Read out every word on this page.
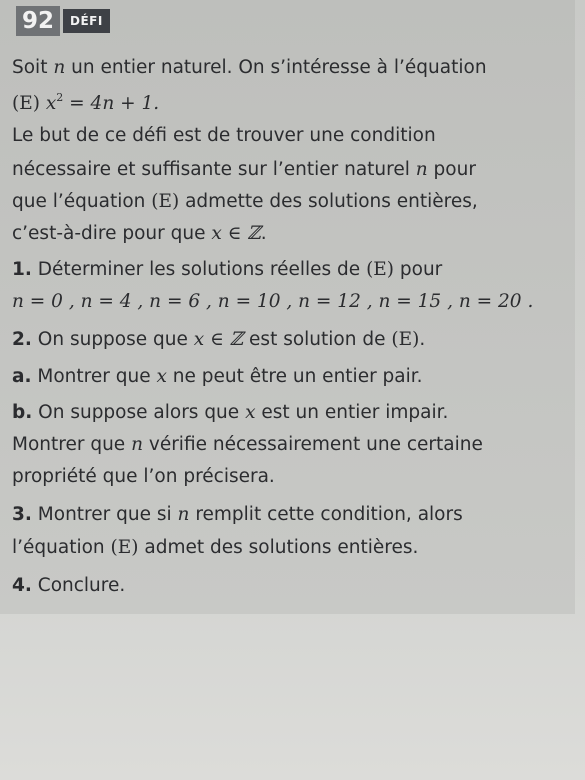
92	DÉFI
Soit n un entier naturel. On s’intéresse à l’équation
(E) $x^2 = 4n + 1$.
Le but de ce défi est de trouver une condition
nécessaire et suffisante sur l’entier naturel n pour
que l’équation (E) admette des solutions entières,
c’est-à-dire pour que x ∈ ℤ.
1. Déterminer les solutions réelles de (E) pour
n = 0 , n = 4 , n = 6 , n = 10 , n = 12 , n = 15 , n = 20 .
2. On suppose que x ∈ ℤ est solution de (E).
a. Montrer que x ne peut être un entier pair.
b. On suppose alors que x est un entier impair.
Montrer que n vérifie nécessairement une certaine
propriété que l’on précisera.
3. Montrer que si n remplit cette condition, alors
l’équation (E) admet des solutions entières.
4. Conclure.
